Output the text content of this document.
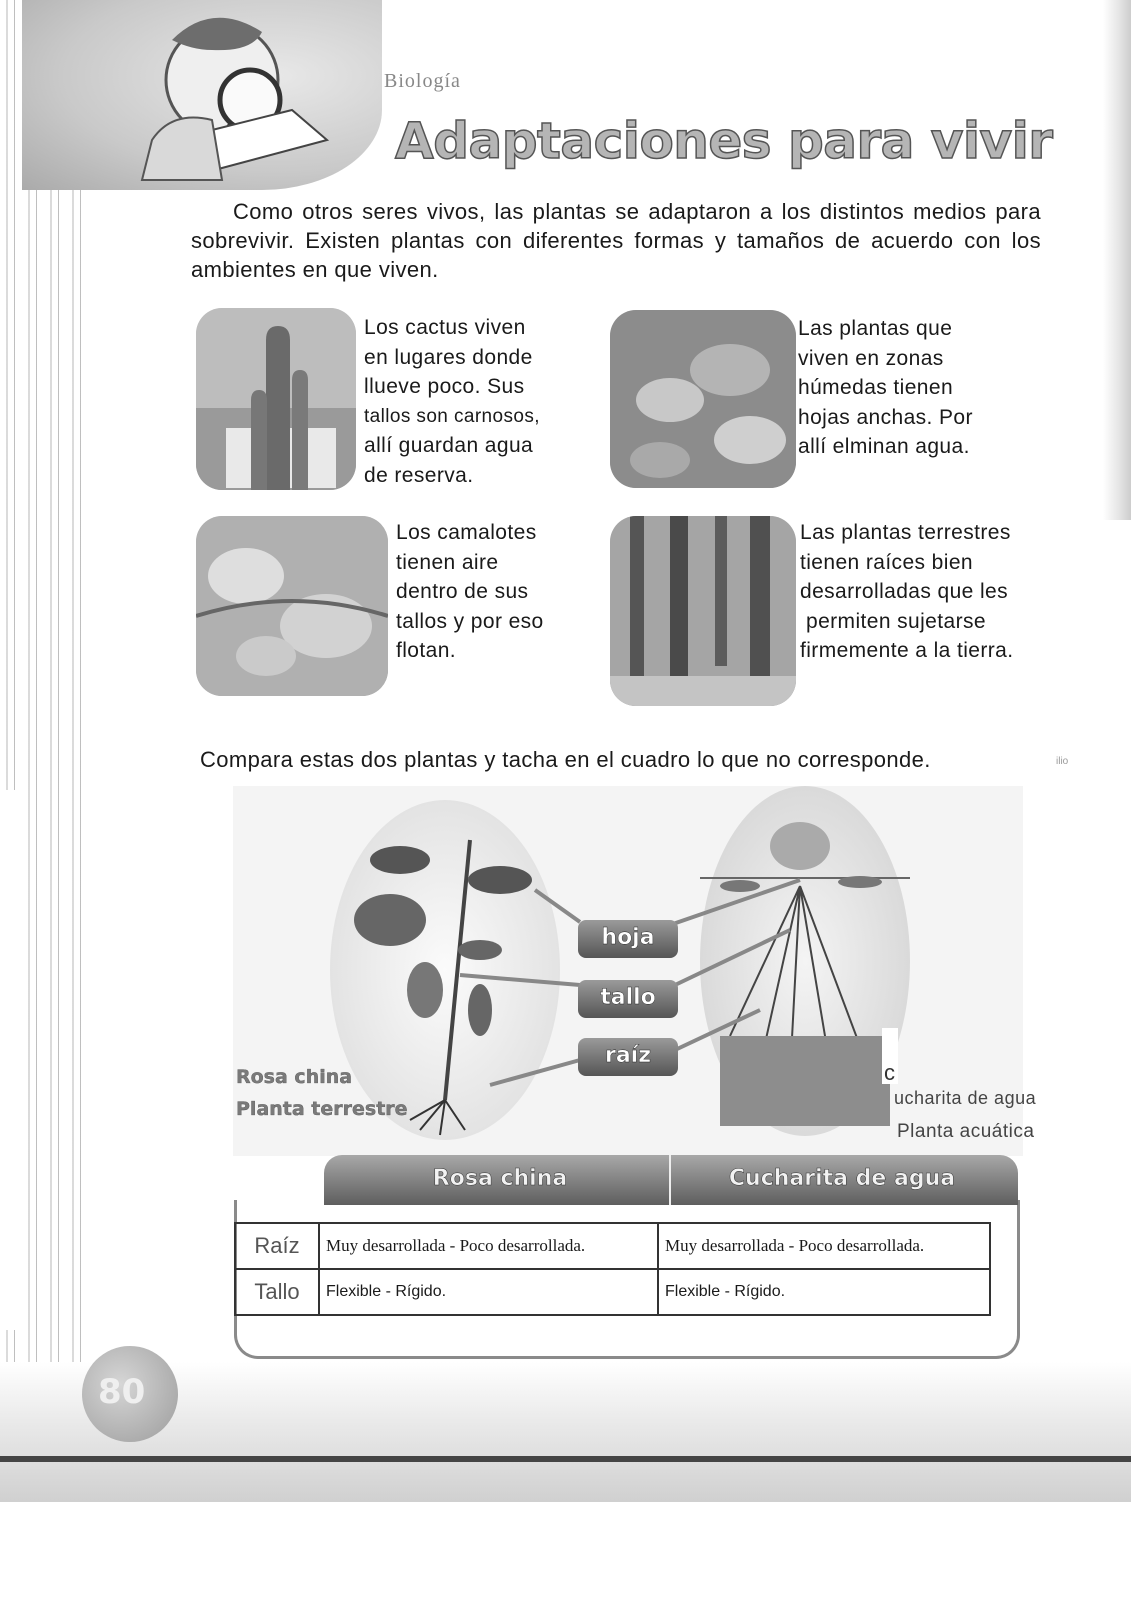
Biología
Adaptaciones para vivir
Como otros seres vivos, las plantas se adaptaron a los distintos medios para sobrevivir. Existen plantas con diferentes formas y tamaños de acuerdo con los ambientes en que viven.
Los cactus viven
en lugares donde
llueve poco. Sus
tallos son carnosos,
allí guardan agua
de reserva.
Las plantas que
viven en zonas
húmedas tienen
hojas anchas. Por
allí elminan agua.
Los camalotes
tienen aire
dentro de sus
tallos y por eso
flotan.
Las plantas terrestres
tienen raíces bien
desarrolladas que les
permiten sujetarse
firmemente a la tierra.
Compara estas dos plantas y tacha en el cuadro lo que no corresponde.	ilio
hoja
tallo
raíz
Rosa china
Planta terrestre
c
ucharita de agua
Planta acuática
Rosa china	Cucharita de agua
Raíz	Muy desarrollada - Poco desarrollada.	Muy desarrollada - Poco desarrollada.
Tallo	Flexible - Rígido.	Flexible - Rígido.
80
